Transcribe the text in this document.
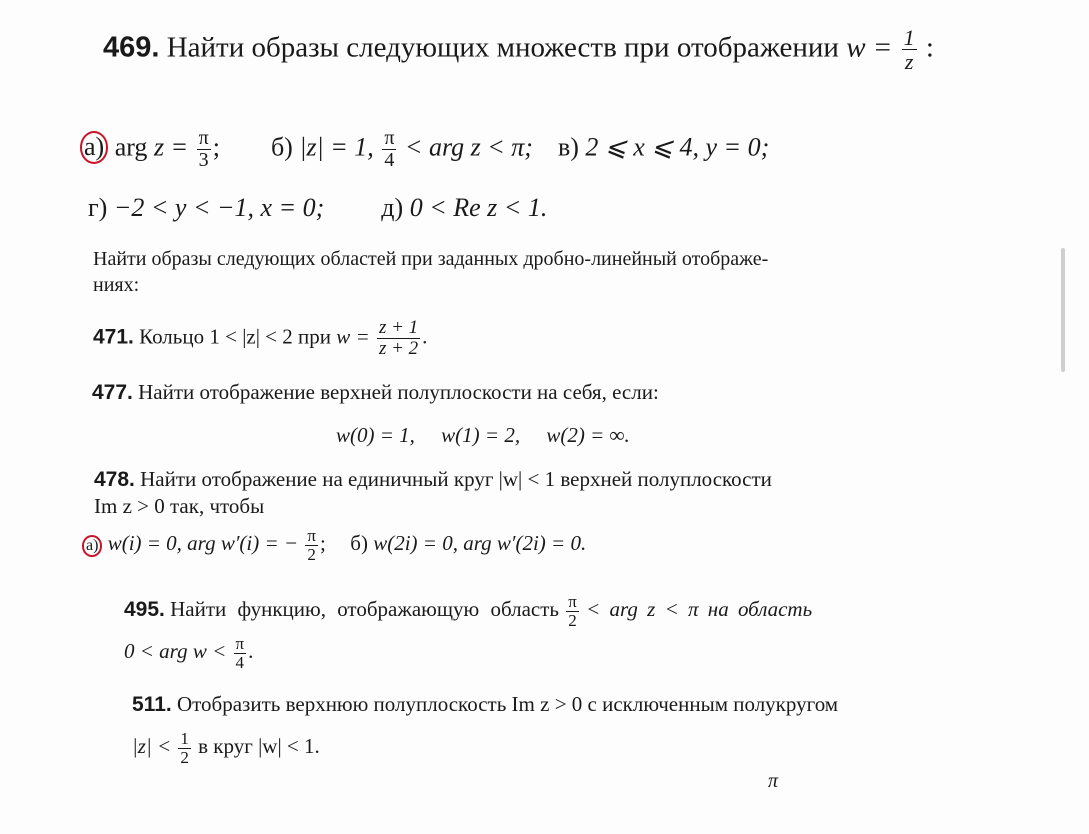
469. Найти образы следующих множеств при отображении $w = \frac{1}{z}$ :
а) arg $z = \frac{\pi}{3}$ ; б) |z| = 1, $\frac{\pi}{4}$ < arg z < π; в) 2 ⩽ x ⩽ 4, y = 0;
г) −2 < y < −1, x = 0; д) 0 < Re z < 1.
Найти образы следующих областей при заданных дробно-линейный отображе-
ниях:
471. Кольцо 1 < |z| < 2 при $w = \frac{z + 1}{z + 2}$ .
477. Найти отображение верхней полуплоскости на себя, если:
w(0) = 1,     w(1) = 2,     w(2) = ∞.
478. Найти отображение на единичный круг |w| < 1 верхней полуплоскости
Im z > 0 так, чтобы
а) w(i) = 0, arg w′(i) = − $\frac{\pi}{2}$ ; б) w(2i) = 0, arg w′(2i) = 0.
495. Найти функцию, отображающую область $\frac{\pi}{2}$ < arg z < π на область
0 < arg $w < \frac{\pi}{4}$ .
511. Отобразить верхнюю полуплоскость Im z > 0 с исключенным полукругом
$|z| < \frac{1}{2}$ в круг |w| < 1.
π
